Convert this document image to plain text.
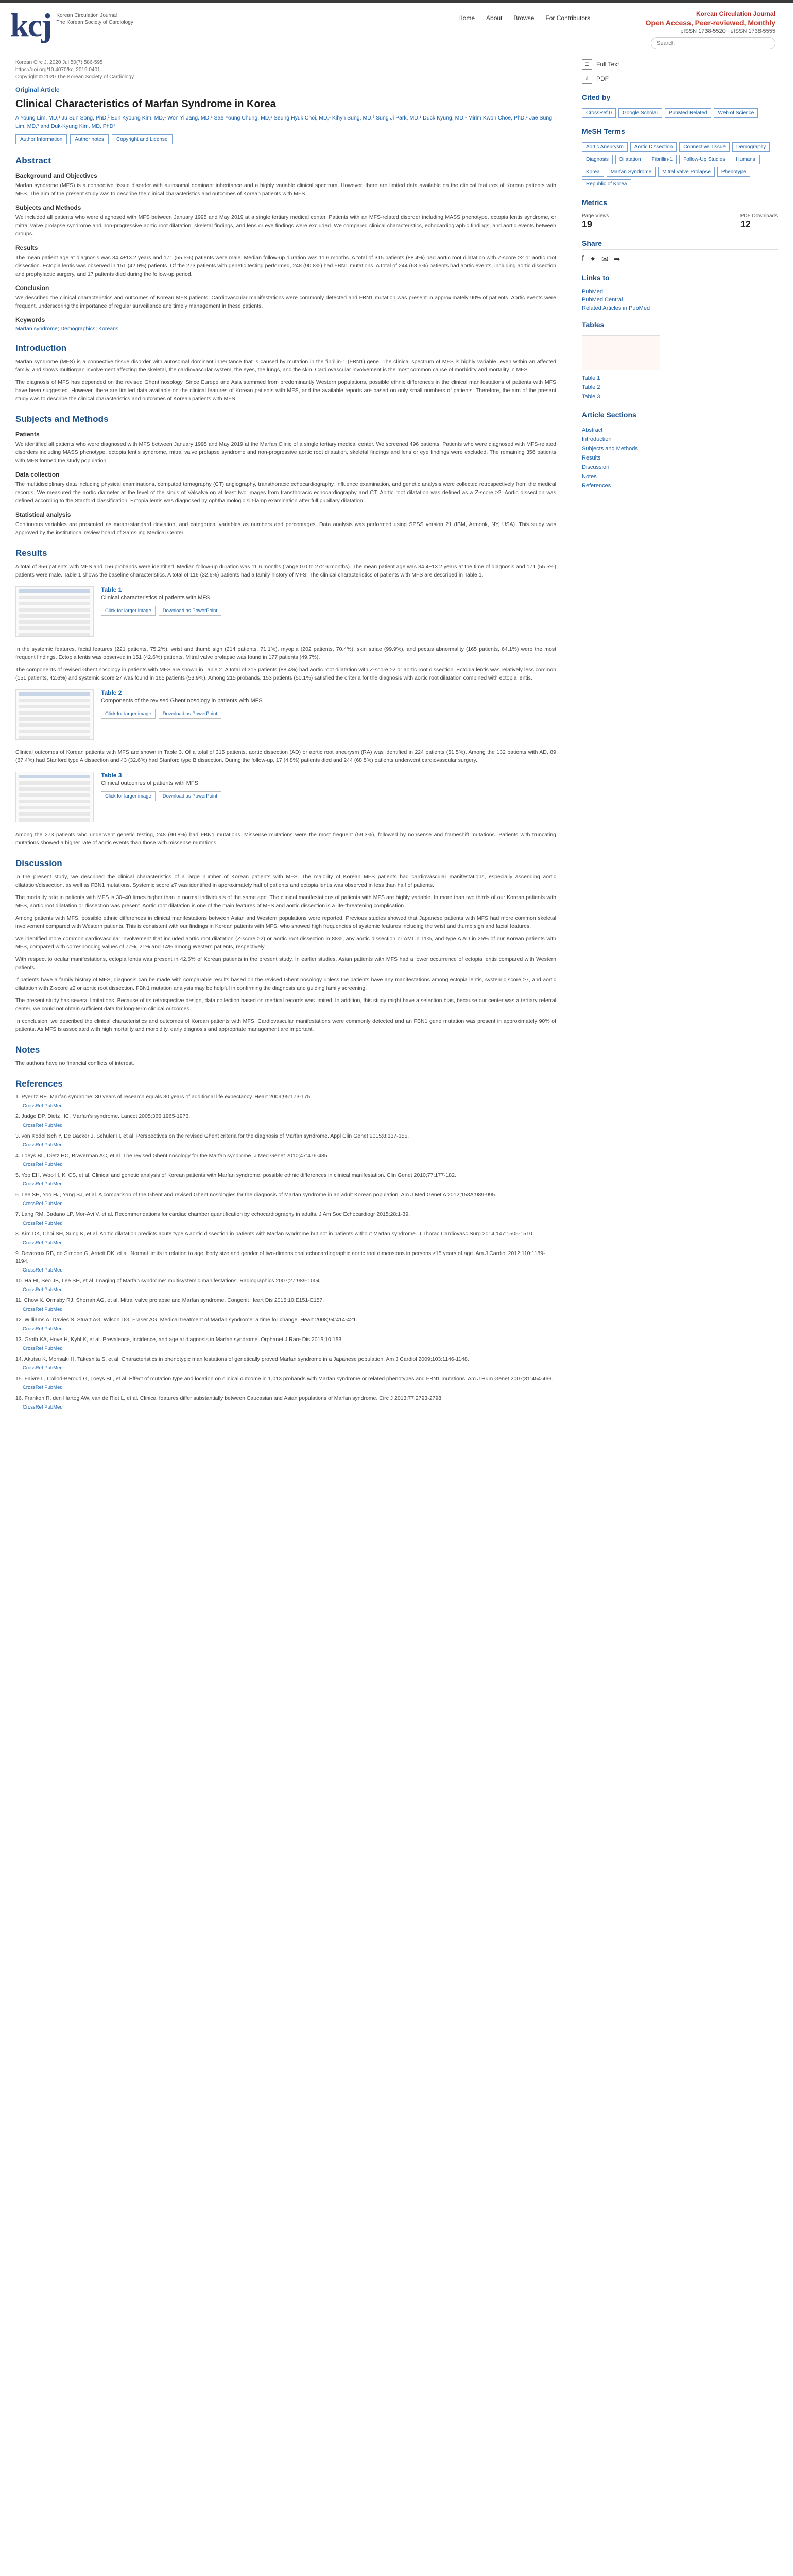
kcj Korean Circulation Journal
The Korean Society of Cardiology
Home About Browse For Contributors
Korean Circulation Journal
Open Access, Peer-reviewed, Monthly
pISSN 1738-5520 · eISSN 1738-5555
Search
Korean Circ J. 2020 Jul;50(7):586-595
https://doi.org/10.4070/kcj.2019.0401
Copyright © 2020 The Korean Society of Cardiology
Original Article
Clinical Characteristics of Marfan Syndrome in Korea
A Young Lim, MD,¹ Ju Sun Song, PhD,² Eun Kyoung Kim, MD,¹ Won Yi Jang, MD,¹ Sae Young Chung, MD,¹ Seung Hyuk Choi, MD,¹ Kihyn Sung, MD,³ Sung Ji Park, MD,¹ Duck Kyung, MD,¹ Mirim Kwon Choe, PhD,¹ Jae Sung Lim, MD,³ and Duk-Kyung Kim, MD, PhD¹
Author Information	Author notes	Copyright and License
Abstract
Background and Objectives

Marfan syndrome (MFS) is a connective tissue disorder with autosomal dominant inheritance and a highly variable clinical spectrum. However, there are limited data available on the clinical features of Korean patients with MFS. The aim of the present study was to describe the clinical characteristics and outcomes of Korean patients with MFS.

Subjects and Methods

We included all patients who were diagnosed with MFS between January 1995 and May 2019 at a single tertiary medical center. Patients with an MFS-related disorder including MASS phenotype, ectopia lentis syndrome, or mitral valve prolapse syndrome and non-progressive aortic root dilatation, skeletal findings, and lens or eye findings were excluded. We compared clinical characteristics, echocardiographic findings, and aortic events between groups.

Results

The mean patient age at diagnosis was 34.4±13.2 years and 171 (55.5%) patients were male. Median follow-up duration was 11.6 months. A total of 315 patients (88.4%) had aortic root dilatation with Z-score ≥2 or aortic root dissection. Ectopia lentis was observed in 151 (42.6%) patients. Of the 273 patients with genetic testing performed, 248 (90.8%) had FBN1 mutations. A total of 244 (68.5%) patients had aortic events, including aortic dissection and prophylactic surgery, and 17 patients died during the follow-up period.

Conclusion

We described the clinical characteristics and outcomes of Korean MFS patients. Cardiovascular manifestations were commonly detected and FBN1 mutation was present in approximately 90% of patients. Aortic events were frequent, underscoring the importance of regular surveillance and timely management in these patients.

Keywords
Marfan syndrome; Demographics; Koreans
Introduction

Marfan syndrome (MFS) is a connective tissue disorder with autosomal dominant inheritance that is caused by mutation in the fibrillin-1 (FBN1) gene. The clinical spectrum of MFS is highly variable, even within an affected family, and shows multiorgan involvement affecting the skeletal, the cardiovascular system, the eyes, the lungs, and the skin. Cardiovascular involvement is the most common cause of morbidity and mortality in MFS.

The diagnosis of MFS has depended on the revised Ghent nosology. Since Europe and Asia stemmed from predominantly Western populations, possible ethnic differences in the clinical manifestations of patients with MFS have been suggested. However, there are limited data available on the clinical features of Korean patients with MFS, and the available reports are based on only small numbers of patients. Therefore, the aim of the present study was to describe the clinical characteristics and outcomes of Korean patients with MFS.

Subjects and Methods
Patients

We identified all patients who were diagnosed with MFS between January 1995 and May 2019 at the Marfan Clinic of a single tertiary medical center. We screened 496 patients. Patients who were diagnosed with MFS-related disorders including MASS phenotype, ectopia lentis syndrome, mitral valve prolapse syndrome and non-progressive aortic root dilatation, skeletal findings and lens or eye findings were excluded. The remaining 356 patients with MFS formed the study population.

Data collection

The multidisciplinary data including physical examinations, computed tomography (CT) angiography, transthoracic echocardiography, influence examination, and genetic analysis were collected retrospectively from the medical records. We measured the aortic diameter at the level of the sinus of Valsalva on at least two images from transthoracic echocardiography and CT. Aortic root dilatation was defined as a Z-score ≥2. Aortic dissection was defined according to the Stanford classification. Ectopia lentis was diagnosed by ophthalmologic slit-lamp examination after full pupillary dilatation.

Statistical analysis

Continuous variables are presented as mean±standard deviation, and categorical variables as numbers and percentages. Data analysis was performed using SPSS version 21 (IBM, Armonk, NY, USA). This study was approved by the institutional review board of Samsung Medical Center.

Results

A total of 356 patients with MFS and 156 probands were identified. Median follow-up duration was 11.6 months (range 0.0 to 272.6 months). The mean patient age was 34.4±13.2 years at the time of diagnosis and 171 (55.5%) patients were male. Table 1 shows the baseline characteristics. A total of 116 (32.6%) patients had a family history of MFS. The clinical characteristics of patients with MFS are described in Table 1.

Table 1
Clinical characteristics of patients with MFS
Click for larger image	Download as PowerPoint

In the systemic features, facial features (221 patients, 75.2%), wrist and thumb sign (214 patients, 71.1%), myopia (202 patients, 70.4%), skin striae (99.9%), and pectus abnormality (165 patients, 64.1%) were the most frequent findings. Ectopia lentis was observed in 151 (42.6%) patients. Mitral valve prolapse was found in 177 patients (49.7%).

The components of revised Ghent nosology in patients with MFS are shown in Table 2. A total of 315 patients (88.4%) had aortic root dilatation with Z-score ≥2 or aortic root dissection. Ectopia lentis was relatively less common (151 patients, 42.6%) and systemic score ≥7 was found in 165 patients (53.9%). Among 215 probands, 153 patients (50.1%) satisfied the criteria for the diagnosis with aortic root dilatation combined with ectopia lentis.

Table 2
Components of the revised Ghent nosology in patients with MFS
Click for larger image	Download as PowerPoint

Clinical outcomes of Korean patients with MFS are shown in Table 3. Of a total of 315 patients, aortic dissection (AD) or aortic root aneurysm (RA) was identified in 224 patients (51.5%). Among the 132 patients with AD, 89 (67.4%) had Stanford type A dissection and 43 (32.6%) had Stanford type B dissection. During the follow-up, 17 (4.8%) patients died and 244 (68.5%) patients underwent cardiovascular surgery.

Table 3
Clinical outcomes of patients with MFS
Click for larger image	Download as PowerPoint

Among the 273 patients who underwent genetic testing, 248 (90.8%) had FBN1 mutations. Missense mutations were the most frequent (59.3%), followed by nonsense and frameshift mutations. Patients with truncating mutations showed a higher rate of aortic events than those with missense mutations.

Discussion

In the present study, we described the clinical characteristics of a large number of Korean patients with MFS. The majority of Korean MFS patients had cardiovascular manifestations, especially ascending aortic dilatation/dissection, as well as FBN1 mutations. Systemic score ≥7 was identified in approximately half of patients and ectopia lentis was observed in less than half of patients.

The mortality rate in patients with MFS is 30–40 times higher than in normal individuals of the same age. The clinical manifestations of patients with MFS are highly variable. In more than two thirds of our Korean patients with MFS, aortic root dilatation or dissection was present. Aortic root dilatation is one of the main features of MFS and aortic dissection is a life-threatening complication.

Among patients with MFS, possible ethnic differences in clinical manifestations between Asian and Western populations were reported. Previous studies showed that Japanese patients with MFS had more common skeletal involvement compared with Western patients. This is consistent with our findings in Korean patients with MFS, who showed high frequencies of systemic features including the wrist and thumb sign and facial features.

We identified more common cardiovascular involvement that included aortic root dilatation (Z-score ≥2) or aortic root dissection in 88%, any aortic dissection or AMI in 11%, and type A AD in 25% of our Korean patients with MFS, compared with corresponding values of 77%, 21% and 14% among Western patients, respectively.

With respect to ocular manifestations, ectopia lentis was present in 42.6% of Korean patients in the present study. In earlier studies, Asian patients with MFS had a lower occurrence of ectopia lentis compared with Western patients.

If patients have a family history of MFS, diagnosis can be made with comparable results based on the revised Ghent nosology unless the patients have any manifestations among ectopia lentis, systemic score ≥7, and aortic dilatation with Z-score ≥2 or aortic root dissection. FBN1 mutation analysis may be helpful in confirming the diagnosis and guiding family screening.

The present study has several limitations. Because of its retrospective design, data collection based on medical records was limited. In addition, this study might have a selection bias, because our center was a tertiary referral center, we could not obtain sufficient data for long-term clinical outcomes.

In conclusion, we described the clinical characteristics and outcomes of Korean patients with MFS. Cardiovascular manifestations were commonly detected and an FBN1 gene mutation was present in approximately 90% of patients. As MFS is associated with high mortality and morbidity, early diagnosis and appropriate management are important.

Notes

The authors have no financial conflicts of interest.

References

1. Pyeritz RE. Marfan syndrome: 30 years of research equals 30 years of additional life expectancy. Heart 2009;95:173-175.
CrossRef PubMed

2. Judge DP, Dietz HC. Marfan's syndrome. Lancet 2005;366:1965-1976.
CrossRef PubMed

3. von Kodolitsch Y, De Backer J, Schüler H, et al. Perspectives on the revised Ghent criteria for the diagnosis of Marfan syndrome. Appl Clin Genet 2015;8:137-155.
CrossRef PubMed

4. Loeys BL, Dietz HC, Braverman AC, et al. The revised Ghent nosology for the Marfan syndrome. J Med Genet 2010;47:476-485.
CrossRef PubMed

5. Yoo EH, Woo H, Ki CS, et al. Clinical and genetic analysis of Korean patients with Marfan syndrome: possible ethnic differences in clinical manifestation. Clin Genet 2010;77:177-182.
CrossRef PubMed

6. Lee SH, Yoo HJ, Yang SJ, et al. A comparison of the Ghent and revised Ghent nosologies for the diagnosis of Marfan syndrome in an adult Korean population. Am J Med Genet A 2012;158A:989-995.
CrossRef PubMed

7. Lang RM, Badano LP, Mor-Avi V, et al. Recommendations for cardiac chamber quantification by echocardiography in adults. J Am Soc Echocardiogr 2015;28:1-39.
CrossRef PubMed

8. Kim DK, Choi SH, Sung K, et al. Aortic dilatation predicts acute type A aortic dissection in patients with Marfan syndrome but not in patients without Marfan syndrome. J Thorac Cardiovasc Surg 2014;147:1505-1510.
CrossRef PubMed

9. Devereux RB, de Simone G, Arnett DK, et al. Normal limits in relation to age, body size and gender of two-dimensional echocardiographic aortic root dimensions in persons ≥15 years of age. Am J Cardiol 2012;110:1189-1194.
CrossRef PubMed

10. Ha HI, Seo JB, Lee SH, et al. Imaging of Marfan syndrome: multisystemic manifestations. Radiographics 2007;27:989-1004.
CrossRef PubMed

11. Chow K, Ormsby RJ, Sherrah AG, et al. Mitral valve prolapse and Marfan syndrome. Congenit Heart Dis 2015;10:E151-E157.
CrossRef PubMed

12. Williams A, Davies S, Stuart AG, Wilson DG, Fraser AG. Medical treatment of Marfan syndrome: a time for change. Heart 2008;94:414-421.
CrossRef PubMed

13. Groth KA, Hove H, Kyhl K, et al. Prevalence, incidence, and age at diagnosis in Marfan syndrome. Orphanet J Rare Dis 2015;10:153.
CrossRef PubMed

14. Akutsu K, Morisaki H, Takeshita S, et al. Characteristics in phenotypic manifestations of genetically proved Marfan syndrome in a Japanese population. Am J Cardiol 2009;103:1146-1148.
CrossRef PubMed

15. Faivre L, Collod-Beroud G, Loeys BL, et al. Effect of mutation type and location on clinical outcome in 1,013 probands with Marfan syndrome or related phenotypes and FBN1 mutations. Am J Hum Genet 2007;81:454-466.
CrossRef PubMed

16. Franken R, den Hartog AW, van de Riet L, et al. Clinical features differ substantially between Caucasian and Asian populations of Marfan syndrome. Circ J 2013;77:2793-2798.
CrossRef PubMed

☰	Full Text
⇩	PDF
Cited by
CrossRef 0	Google Scholar	PubMed Related	Web of Science
MeSH Terms
Aortic Aneurysm	Aortic Dissection	Connective Tissue	Demography
Diagnosis	Dilatation	Fibrillin-1	Follow-Up Studies	Humans
Korea	Marfan Syndrome	Mitral Valve Prolapse	Phenotype
Republic of Korea
Metrics
Page Views
19
PDF Downloads
12
Share
f ✦ ✉ ➦
Links to
PubMed
PubMed Central
Related Articles in PubMed
Tables
Table 1
Table 2
Table 3
Article Sections
Abstract
Introduction
Subjects and Methods
Results
Discussion
Notes
References
